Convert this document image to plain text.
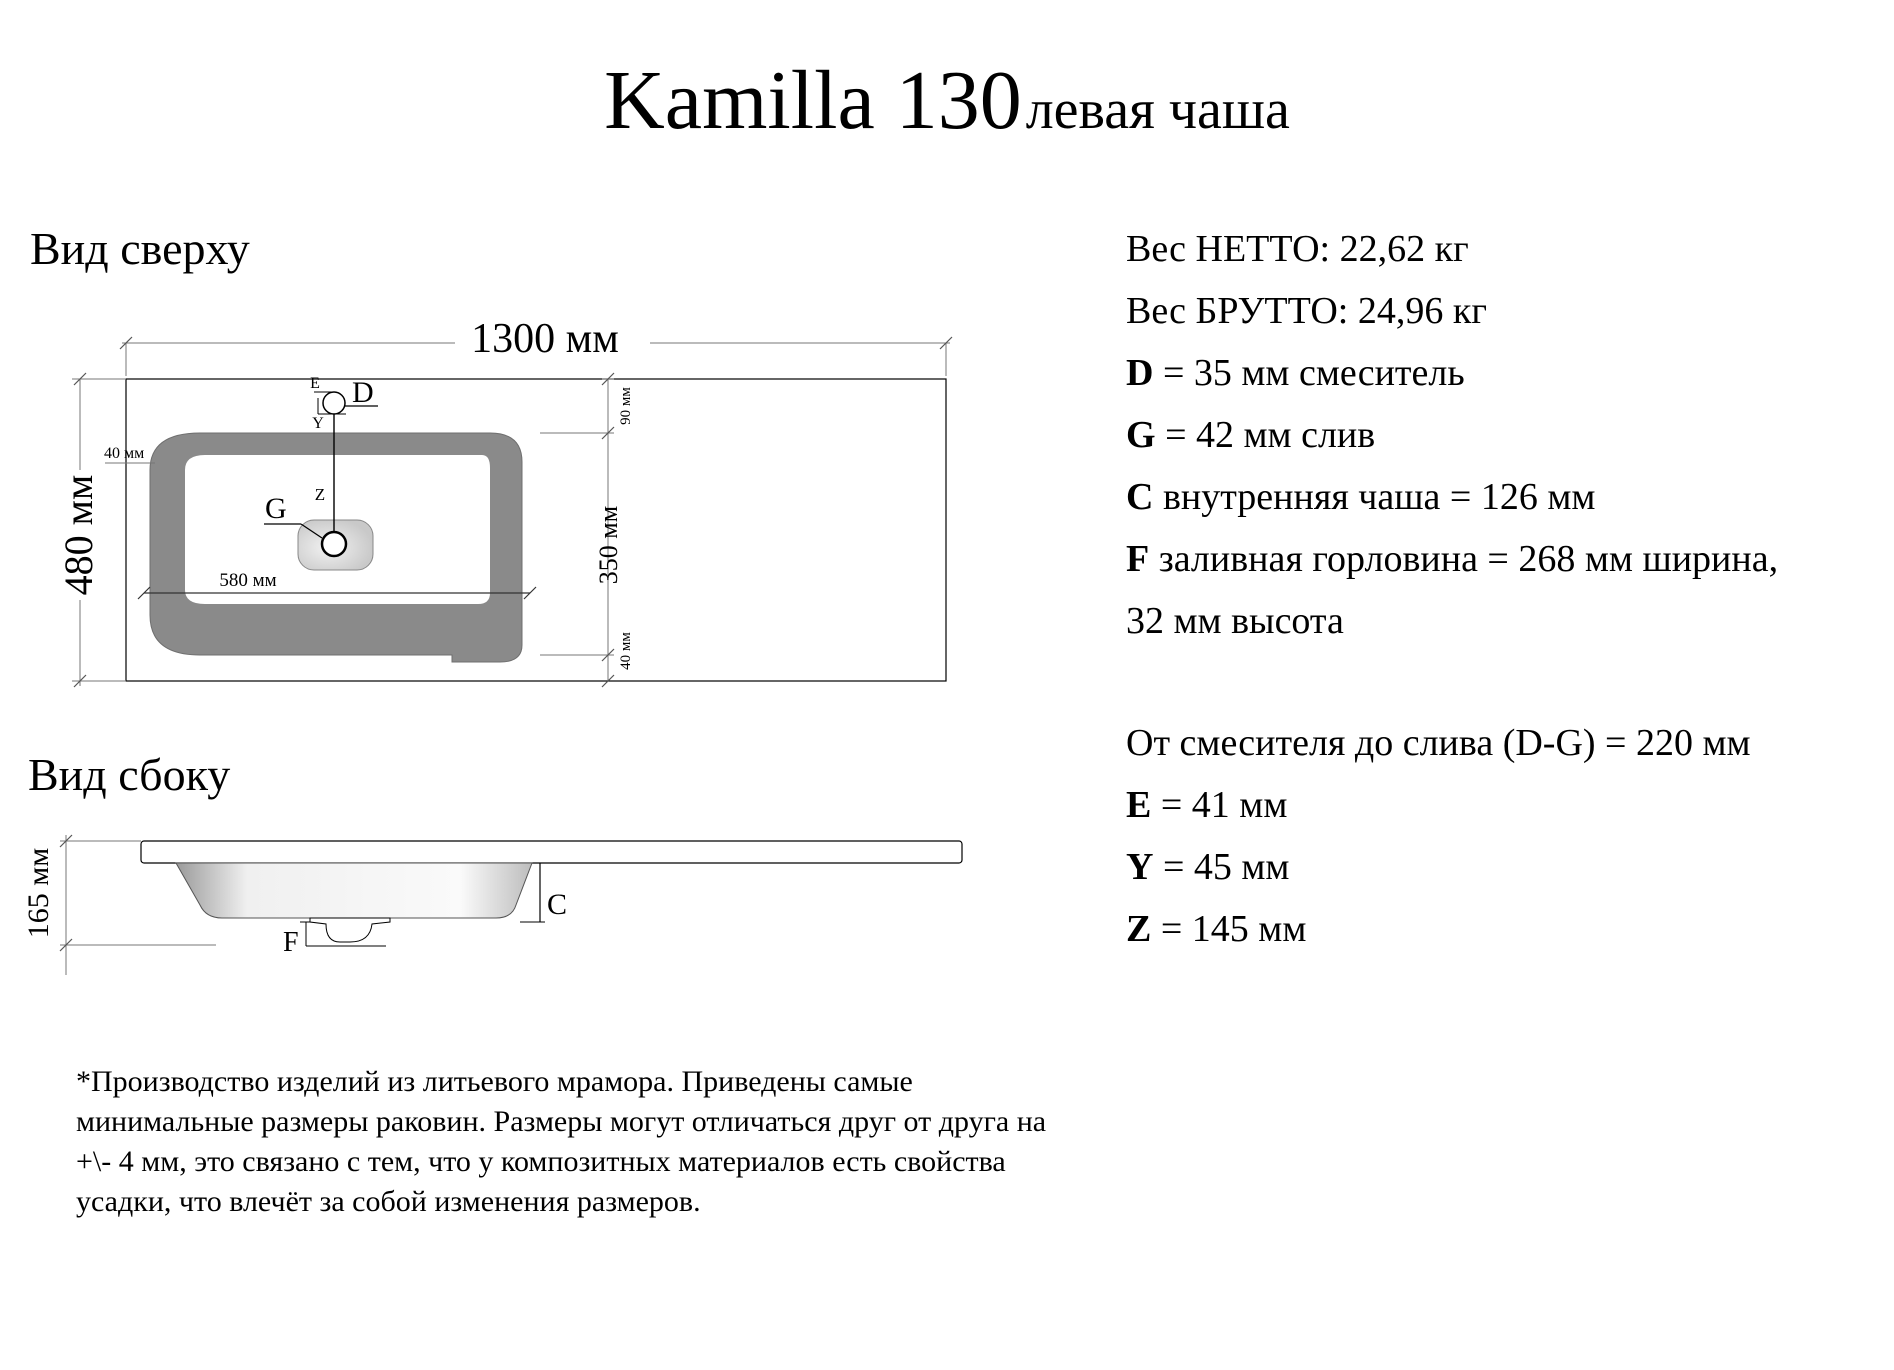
Kamilla 130 левая чаша
Вид сверху
Вид сбоку
E
Y
D
Z
G
1300 мм
480 мм
40 мм
580 мм
90 мм
350 мм
40 мм
C
F
165 мм
Вес НЕТТО: 22,62 кг
Вес БРУТТО: 24,96 кг
D = 35 мм смеситель
G = 42 мм слив
C внутренняя чаша = 126 мм
F заливная горловина = 268 мм ширина,
32 мм высота
От смесителя до слива (D-G) = 220 мм
E = 41 мм
Y = 45 мм
Z = 145 мм
*Производство изделий из литьевого мрамора. Приведены самые минимальные размеры раковин. Размеры могут отличаться друг от друга на +\- 4 мм, это связано с тем, что у композитных материалов есть свойства усадки, что влечёт за собой изменения размеров.
